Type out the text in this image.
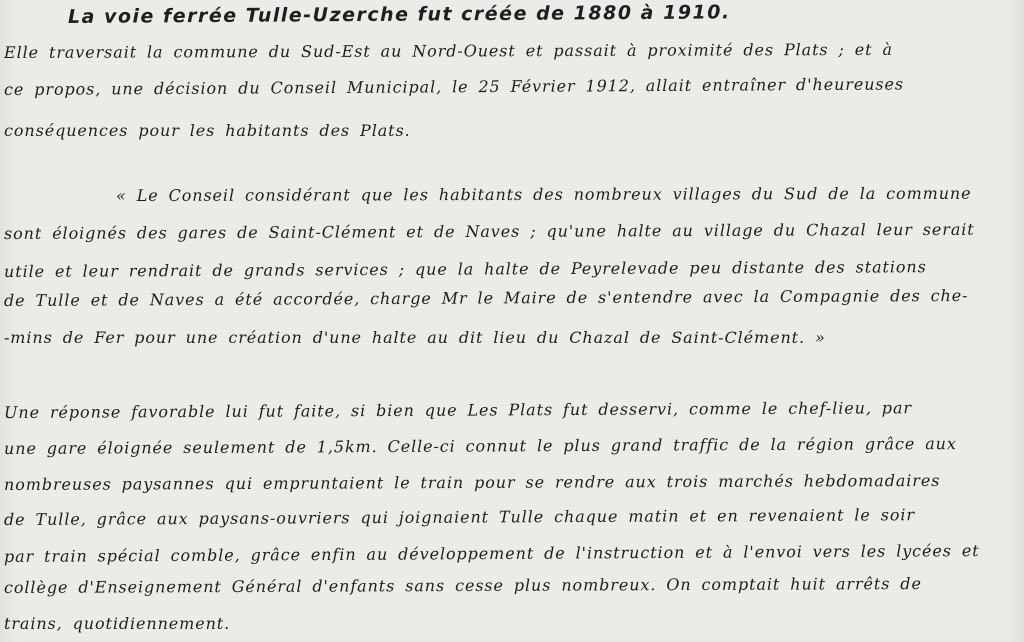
La voie ferrée Tulle-Uzerche fut créée de 1880 à 1910.
Elle traversait la commune du Sud-Est au Nord-Ouest et passait à proximité des Plats ; et à
ce propos, une décision du Conseil Municipal, le 25 Février 1912, allait entraîner d'heureuses
conséquences pour les habitants des Plats.
« Le Conseil considérant que les habitants des nombreux villages du Sud de la commune
sont éloignés des gares de Saint-Clément et de Naves ; qu'une halte au village du Chazal leur serait
utile et leur rendrait de grands services ; que la halte de Peyrelevade peu distante des stations
de Tulle et de Naves a été accordée, charge Mr le Maire de s'entendre avec la Compagnie des che-
-mins de Fer pour une création d'une halte au dit lieu du Chazal de Saint-Clément. »
Une réponse favorable lui fut faite, si bien que Les Plats fut desservi, comme le chef-lieu, par
une gare éloignée seulement de 1,5km. Celle-ci connut le plus grand traffic de la région grâce aux
nombreuses paysannes qui empruntaient le train pour se rendre aux trois marchés hebdomadaires
de Tulle, grâce aux paysans-ouvriers qui joignaient Tulle chaque matin et en revenaient le soir
par train spécial comble, grâce enfin au développement de l'instruction et à l'envoi vers les lycées et
collège d'Enseignement Général d'enfants sans cesse plus nombreux. On comptait huit arrêts de
trains, quotidiennement.
